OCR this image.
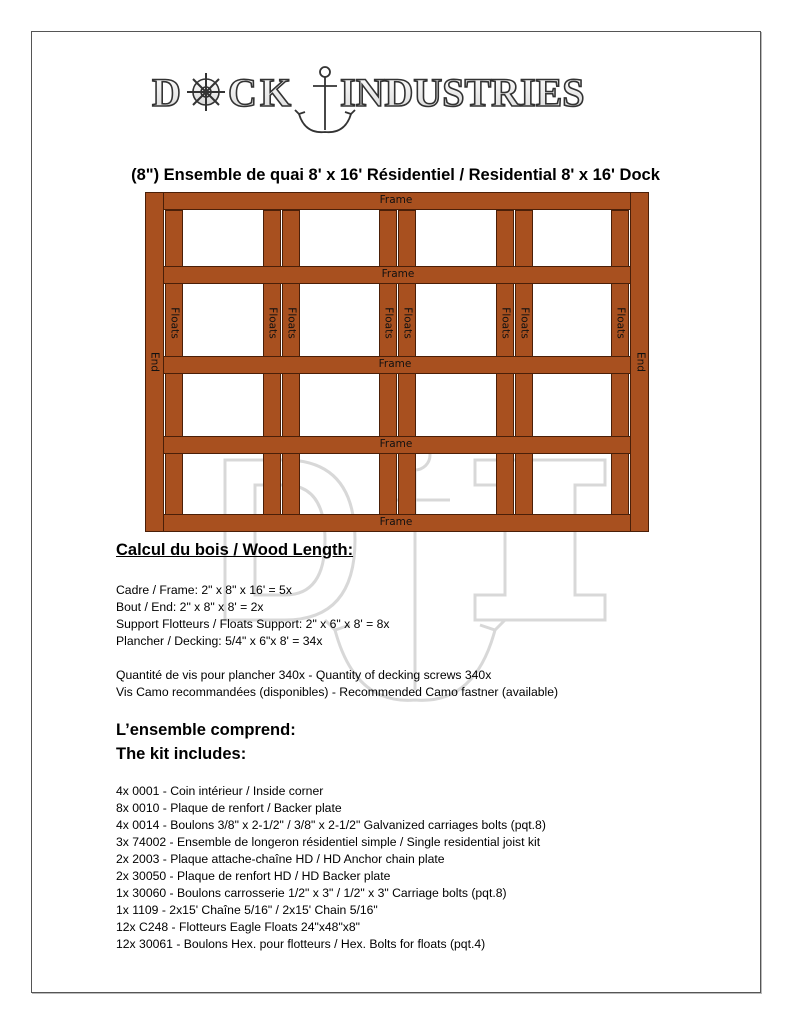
D C K INDUSTRIES
(8") Ensemble de quai 8' x 16' Résidentiel / Residential 8' x 16' Dock
Frame
Frame
Frame
Frame
Frame
End	End
Floats	Floats Floats	Floats Floats	Floats Floats	Floats
Calcul du bois / Wood Length:
Cadre / Frame: 2" x 8" x 16' = 5x
Bout / End: 2" x 8" x 8' = 2x
Support Flotteurs / Floats Support: 2" x 6" x 8' = 8x
Plancher / Decking: 5/4" x 6"x 8' = 34x
Quantité de vis pour plancher 340x - Quantity of decking screws 340x
Vis Camo recommandées (disponibles) - Recommended Camo fastner (available)
L’ensemble comprend:
The kit includes:
4x 0001 - Coin intérieur / Inside corner
8x 0010 - Plaque de renfort / Backer plate
4x 0014 - Boulons 3/8" x 2-1/2" / 3/8" x 2-1/2" Galvanized carriages bolts (pqt.8)
3x 74002 - Ensemble de longeron résidentiel simple / Single residential joist kit
2x 2003 - Plaque attache-chaîne HD / HD Anchor chain plate
2x 30050 - Plaque de renfort HD / HD Backer plate
1x 30060 - Boulons carrosserie 1/2" x 3" / 1/2" x 3" Carriage bolts (pqt.8)
1x 1109 - 2x15' Chaîne 5/16" / 2x15' Chain 5/16"
12x C248 - Flotteurs Eagle Floats 24"x48"x8"
12x 30061 - Boulons Hex. pour flotteurs / Hex. Bolts for floats (pqt.4)
